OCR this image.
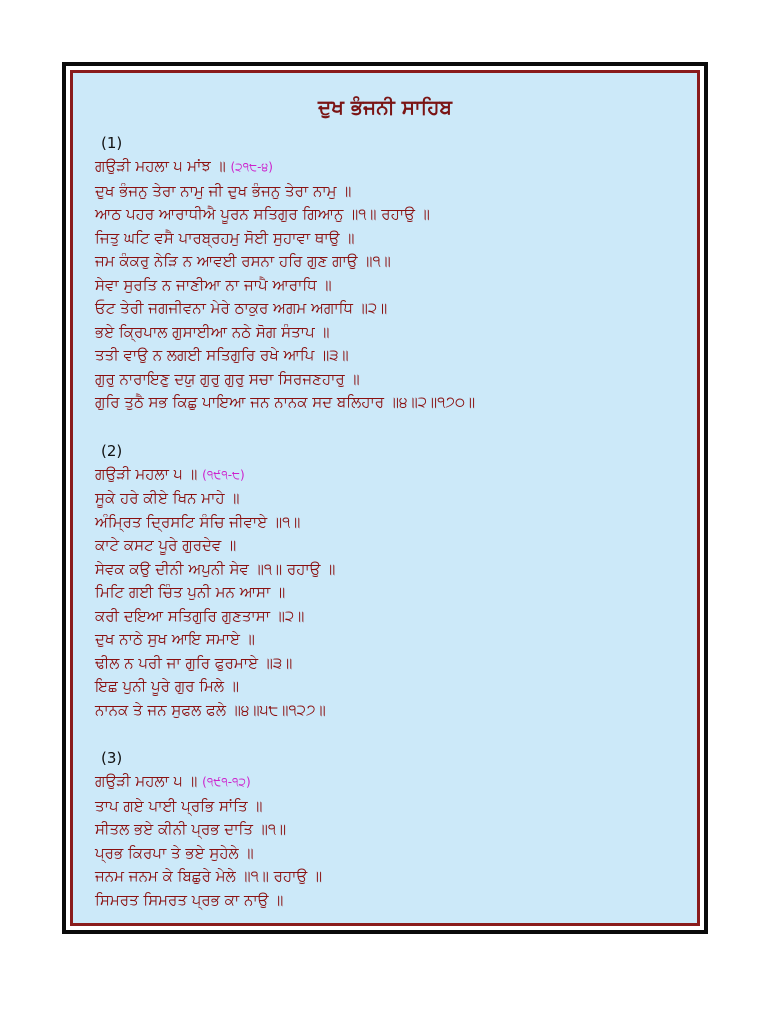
ਦੁਖ ਭੰਜਨੀ ਸਾਹਿਬ
(1)
ਗਉੜੀ ਮਹਲਾ ੫ ਮਾਂਝ ॥ (੨੧੮-੪)
ਦੁਖ ਭੰਜਨੁ ਤੇਰਾ ਨਾਮੁ ਜੀ ਦੁਖ ਭੰਜਨੁ ਤੇਰਾ ਨਾਮੁ ॥
ਆਠ ਪਹਰ ਆਰਾਧੀਐ ਪੂਰਨ ਸਤਿਗੁਰ ਗਿਆਨੁ ॥੧॥ ਰਹਾਉ ॥
ਜਿਤੁ ਘਟਿ ਵਸੈ ਪਾਰਬ੍ਰਹਮੁ ਸੋਈ ਸੁਹਾਵਾ ਥਾਉ ॥
ਜਮ ਕੰਕਰੁ ਨੇੜਿ ਨ ਆਵਈ ਰਸਨਾ ਹਰਿ ਗੁਣ ਗਾਉ ॥੧॥
ਸੇਵਾ ਸੁਰਤਿ ਨ ਜਾਣੀਆ ਨਾ ਜਾਪੈ ਆਰਾਧਿ ॥
ਓਟ ਤੇਰੀ ਜਗਜੀਵਨਾ ਮੇਰੇ ਠਾਕੁਰ ਅਗਮ ਅਗਾਧਿ ॥੨॥
ਭਏ ਕ੍ਰਿਪਾਲ ਗੁਸਾਈਆ ਨਠੇ ਸੋਗ ਸੰਤਾਪ ॥
ਤਤੀ ਵਾਉ ਨ ਲਗਈ ਸਤਿਗੁਰਿ ਰਖੇ ਆਪਿ ॥੩॥
ਗੁਰੁ ਨਾਰਾਇਣੁ ਦਯੁ ਗੁਰੁ ਗੁਰੁ ਸਚਾ ਸਿਰਜਣਹਾਰੁ ॥
ਗੁਰਿ ਤੁਠੈ ਸਭ ਕਿਛੁ ਪਾਇਆ ਜਨ ਨਾਨਕ ਸਦ ਬਲਿਹਾਰ ॥੪॥੨॥੧੭੦॥
(2)
ਗਉੜੀ ਮਹਲਾ ੫ ॥ (੧੯੧-੮)
ਸੂਕੇ ਹਰੇ ਕੀਏ ਖਿਨ ਮਾਹੇ ॥
ਅੰਮ੍ਰਿਤ ਦ੍ਰਿਸਟਿ ਸੰਚਿ ਜੀਵਾਏ ॥੧॥
ਕਾਟੇ ਕਸਟ ਪੂਰੇ ਗੁਰਦੇਵ ॥
ਸੇਵਕ ਕਉ ਦੀਨੀ ਅਪੁਨੀ ਸੇਵ ॥੧॥ ਰਹਾਉ ॥
ਮਿਟਿ ਗਈ ਚਿੰਤ ਪੁਨੀ ਮਨ ਆਸਾ ॥
ਕਰੀ ਦਇਆ ਸਤਿਗੁਰਿ ਗੁਣਤਾਸਾ ॥੨॥
ਦੁਖ ਨਾਠੇ ਸੁਖ ਆਇ ਸਮਾਏ ॥
ਢੀਲ ਨ ਪਰੀ ਜਾ ਗੁਰਿ ਫੁਰਮਾਏ ॥੩॥
ਇਛ ਪੁਨੀ ਪੂਰੇ ਗੁਰ ਮਿਲੇ ॥
ਨਾਨਕ ਤੇ ਜਨ ਸੁਫਲ ਫਲੇ ॥੪॥੫੮॥੧੨੭॥
(3)
ਗਉੜੀ ਮਹਲਾ ੫ ॥ (੧੯੧-੧੨)
ਤਾਪ ਗਏ ਪਾਈ ਪ੍ਰਭਿ ਸਾਂਤਿ ॥
ਸੀਤਲ ਭਏ ਕੀਨੀ ਪ੍ਰਭ ਦਾਤਿ ॥੧॥
ਪ੍ਰਭ ਕਿਰਪਾ ਤੇ ਭਏ ਸੁਹੇਲੇ ॥
ਜਨਮ ਜਨਮ ਕੇ ਬਿਛੁਰੇ ਮੇਲੇ ॥੧॥ ਰਹਾਉ ॥
ਸਿਮਰਤ ਸਿਮਰਤ ਪ੍ਰਭ ਕਾ ਨਾਉ ॥
